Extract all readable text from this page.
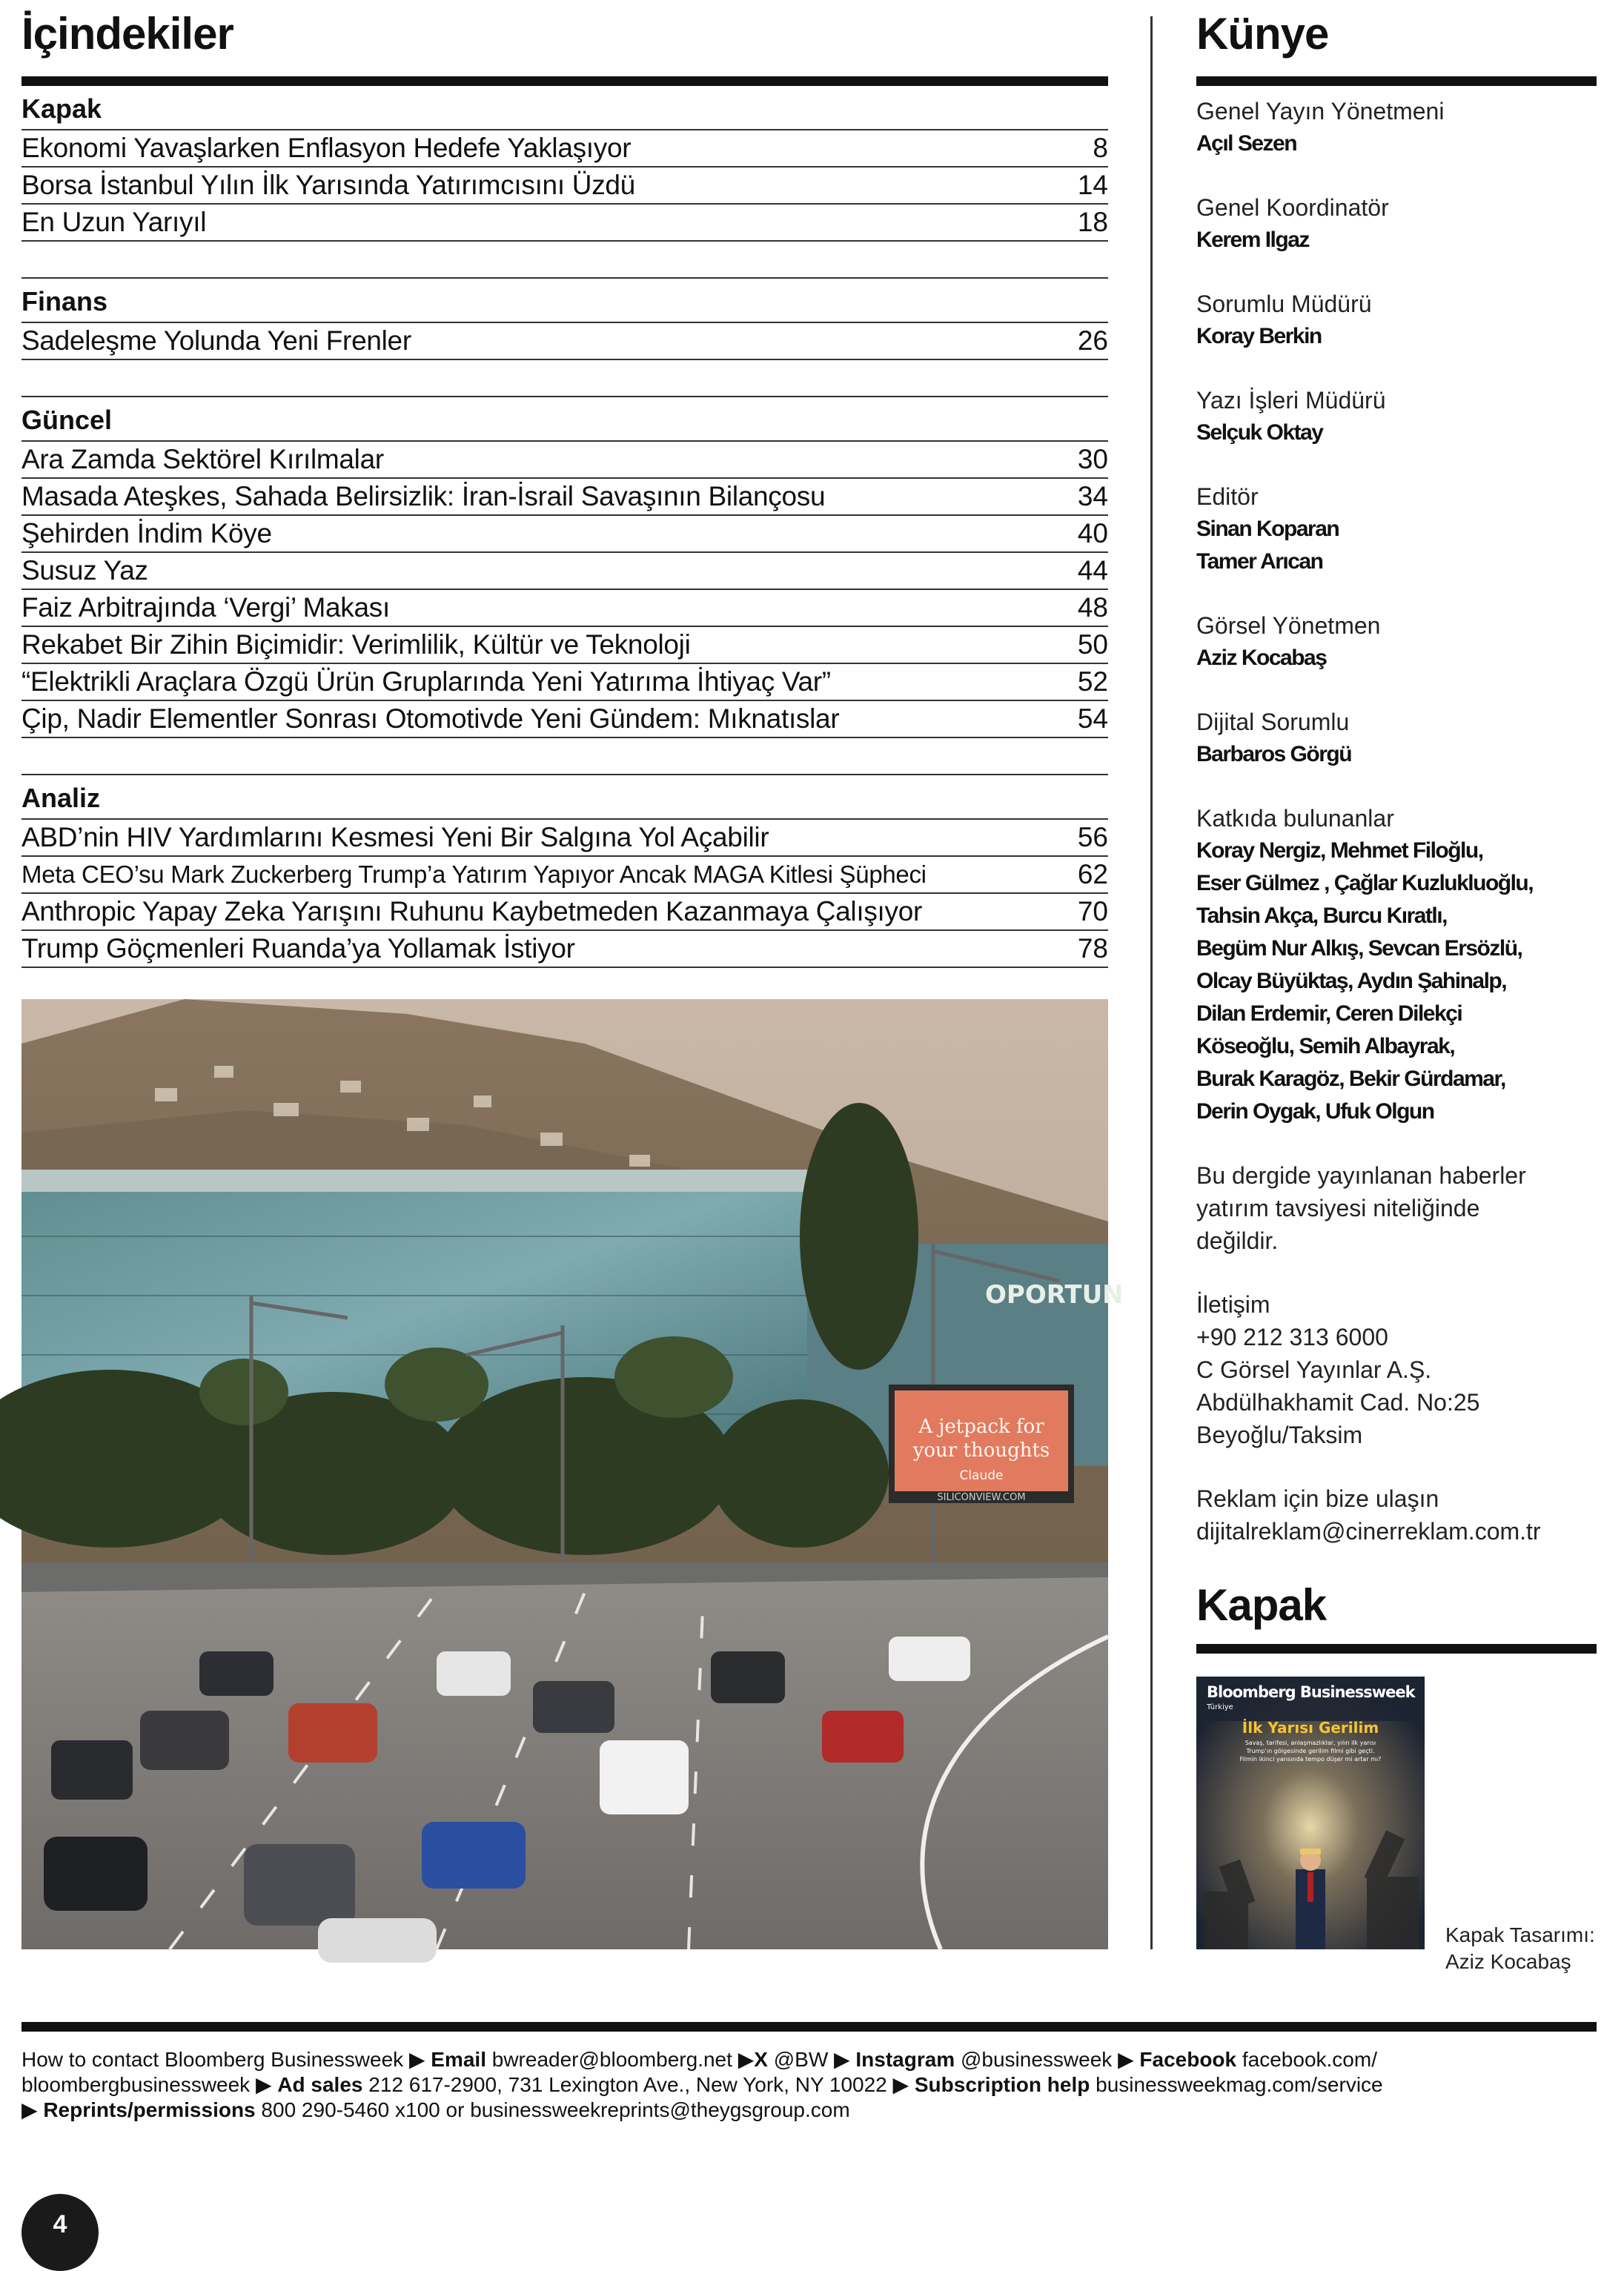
İçindekiler
Kapak
Ekonomi Yavaşlarken Enflasyon Hedefe Yaklaşıyor	8
Borsa İstanbul Yılın İlk Yarısında Yatırımcısını Üzdü	14
En Uzun Yarıyıl	18
Finans
Sadeleşme Yolunda Yeni Frenler	26
Güncel
Ara Zamda Sektörel Kırılmalar	30
Masada Ateşkes, Sahada Belirsizlik: İran-İsrail Savaşının Bilançosu	34
Şehirden İndim Köye	40
Susuz Yaz	44
Faiz Arbitrajında ‘Vergi’ Makası	48
Rekabet Bir Zihin Biçimidir: Verimlilik, Kültür ve Teknoloji	50
“Elektrikli Araçlara Özgü Ürün Gruplarında Yeni Yatırıma İhtiyaç Var”	52
Çip, Nadir Elementler Sonrası Otomotivde Yeni Gündem: Mıknatıslar	54
Analiz
ABD’nin HIV Yardımlarını Kesmesi Yeni Bir Salgına Yol Açabilir	56
Meta CEO’su Mark Zuckerberg Trump’a Yatırım Yapıyor Ancak MAGA Kitlesi Şüpheci	62
Anthropic Yapay Zeka Yarışını Ruhunu Kaybetmeden Kazanmaya Çalışıyor	70
Trump Göçmenleri Ruanda’ya Yollamak İstiyor	78
OPORTUN
A jetpack for
your thoughts
Claude
SILICONVIEW.COM
Künye
Genel Yayın Yönetmeni
Açıl Sezen
Genel Koordinatör
Kerem Ilgaz
Sorumlu Müdürü
Koray Berkin
Yazı İşleri Müdürü
Selçuk Oktay
Editör
Sinan Koparan
Tamer Arıcan
Görsel Yönetmen
Aziz Kocabaş
Dijital Sorumlu
Barbaros Görgü
Katkıda bulunanlar
Koray Nergiz, Mehmet Filoğlu,
Eser Gülmez , Çağlar Kuzlukluoğlu,
Tahsin Akça, Burcu Kıratlı,
Begüm Nur Alkış, Sevcan Ersözlü,
Olcay Büyüktaş, Aydın Şahinalp,
Dilan Erdemir, Ceren Dilekçi
Köseoğlu, Semih Albayrak,
Burak Karagöz, Bekir Gürdamar,
Derin Oygak, Ufuk Olgun
Bu dergide yayınlanan haberler
yatırım tavsiyesi niteliğinde
değildir.
İletişim
+90 212 313 6000
C Görsel Yayınlar A.Ş.
Abdülhakhamit Cad. No:25
Beyoğlu/Taksim
Reklam için bize ulaşın
dijitalreklam@cinerreklam.com.tr
Kapak
Bloomberg Businessweek
Türkiye
İlk Yarısı Gerilim
Savaş, tarifesi, anlaşmazlıklar, yılın ilk yarısı
Trump’ın gölgesinde gerilim filmi gibi geçti.
Filmin ikinci yarısında tempo düşer mi artar mı?
Kapak Tasarımı:
Aziz Kocabaş
How to contact Bloomberg Businessweek ▶ Email bwreader@bloomberg.net ▶X @BW ▶ Instagram @businessweek ▶ Facebook facebook.com/
bloombergbusinessweek ▶ Ad sales 212 617-2900, 731 Lexington Ave., New York, NY 10022 ▶ Subscription help businessweekmag.com/service
▶ Reprints/permissions 800 290-5460 x100 or businessweekreprints@theygsgroup.com
4
